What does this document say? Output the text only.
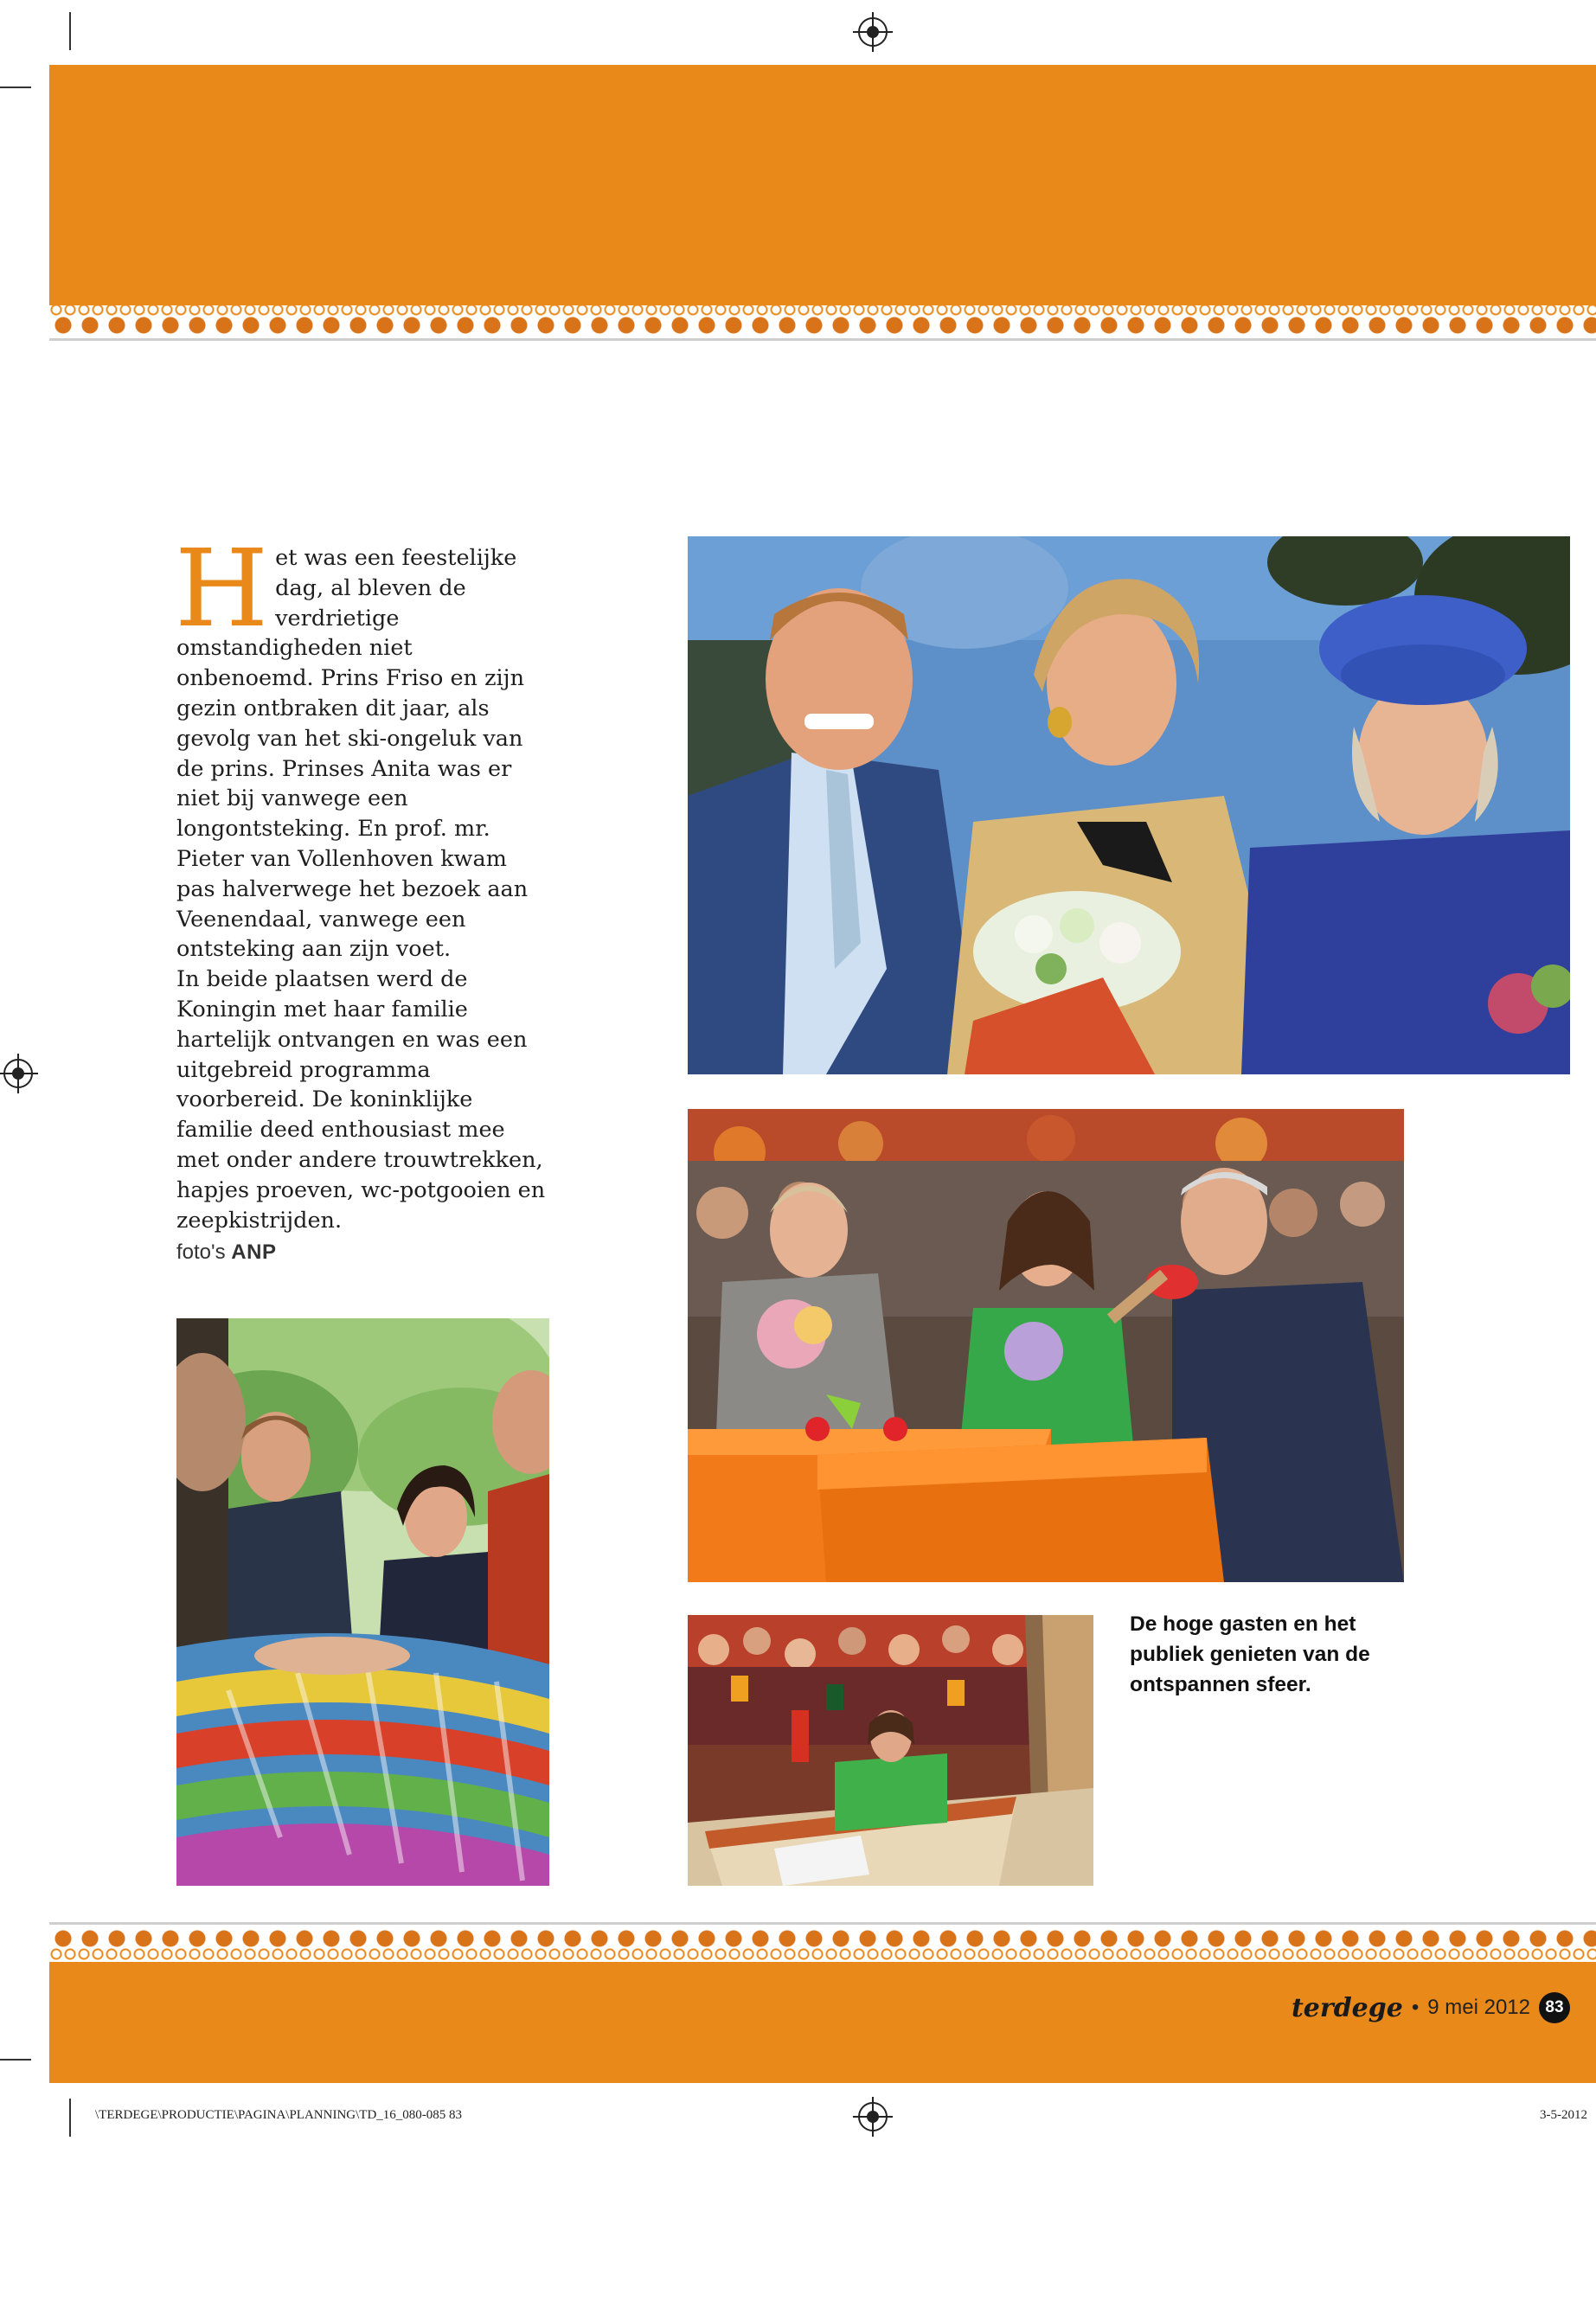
H et was een feestelijke dag, al bleven de verdrietige omstandigheden niet onbenoemd. Prins Friso en zijn gezin ontbraken dit jaar, als gevolg van het ski-ongeluk van de prins. Prinses Anita was er niet bij vanwege een longontsteking. En prof. mr. Pieter van Vollenhoven kwam pas halverwege het bezoek aan Veenendaal, vanwege een ontsteking aan zijn voet.

In beide plaatsen werd de Koningin met haar familie hartelijk ontvangen en was een uitgebreid programma voorbereid. De koninklijke familie deed enthousiast mee met onder andere trouwtrekken, hapjes proeven, wc-potgooien en zeepkistrijden.

foto's ANP
De hoge gasten en het publiek genieten van de ontspannen sfeer.
terdege • 9 mei 2012 83
\TERDEGE\PRODUCTIE\PAGINA\PLANNING\TD_16_080-085 83	3-5-2012
